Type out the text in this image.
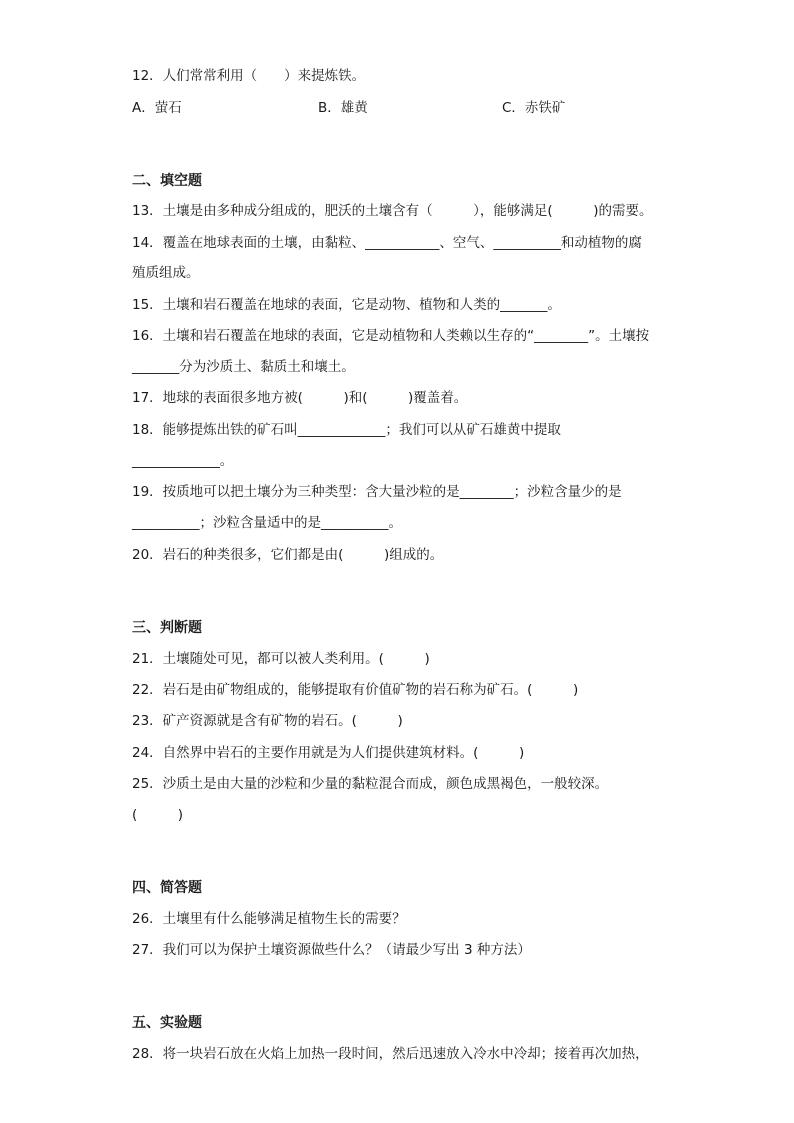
12．人们常常利用（　　）来提炼铁。
A．萤石	B．雄黄	C．赤铁矿
二、填空题
13．土壤是由多种成分组成的，肥沃的土壤含有（　　　），能够满足(　　　)的需要。
14．覆盖在地球表面的土壤，由黏粒、___________、空气、__________和动植物的腐
殖质组成。
15．土壤和岩石覆盖在地球的表面，它是动物、植物和人类的_______。
16．土壤和岩石覆盖在地球的表面，它是动植物和人类赖以生存的“________”。土壤按
_______分为沙质土、黏质土和壤土。
17．地球的表面很多地方被(　　　)和(　　　)覆盖着。
18．能够提炼出铁的矿石叫_____________；我们可以从矿石雄黄中提取
_____________。
19．按质地可以把土壤分为三种类型：含大量沙粒的是________；沙粒含量少的是
__________；沙粒含量适中的是__________。
20．岩石的种类很多，它们都是由(　　　)组成的。
三、判断题
21．土壤随处可见，都可以被人类利用。(　　　)
22．岩石是由矿物组成的，能够提取有价值矿物的岩石称为矿石。(　　　)
23．矿产资源就是含有矿物的岩石。(　　　)
24．自然界中岩石的主要作用就是为人们提供建筑材料。(　　　)
25．沙质土是由大量的沙粒和少量的黏粒混合而成，颜色成黑褐色，一般较深。
(　　　)
四、简答题
26．土壤里有什么能够满足植物生长的需要？
27．我们可以为保护土壤资源做些什么？（请最少写出 3 种方法）
五、实验题
28．将一块岩石放在火焰上加热一段时间，然后迅速放入冷水中冷却；接着再次加热，
